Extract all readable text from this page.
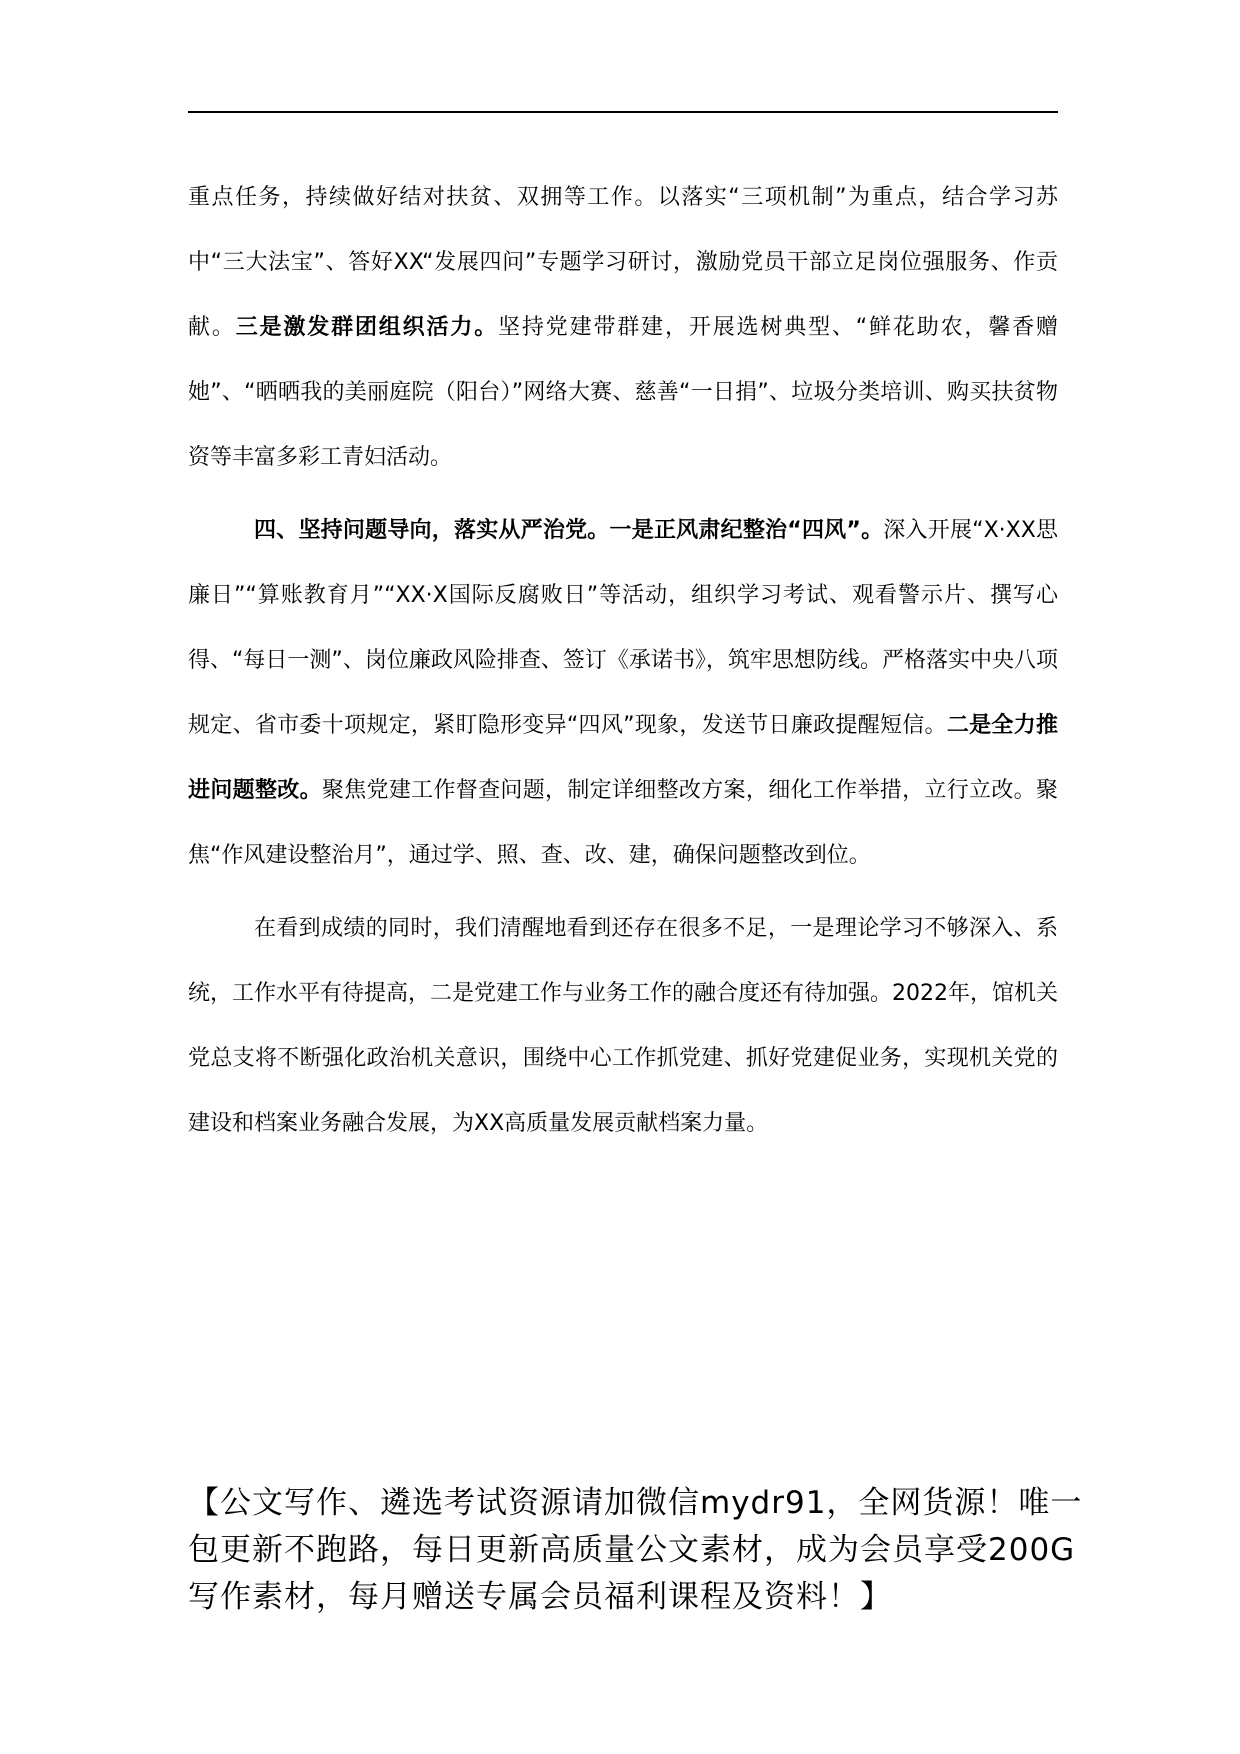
重点任务，持续做好结对扶贫、双拥等工作。以落实“三项机制”为重点，结合学习苏中“三大法宝”、答好XX“发展四问”专题学习研讨，激励党员干部立足岗位强服务、作贡献。三是激发群团组织活力。坚持党建带群建，开展选树典型、“鲜花助农，馨香赠她”、“晒晒我的美丽庭院（阳台）”网络大赛、慈善“一日捐”、垃圾分类培训、购买扶贫物资等丰富多彩工青妇活动。

四、坚持问题导向，落实从严治党。一是正风肃纪整治“四风”。深入开展“X·XX思廉日”“算账教育月”“XX·X国际反腐败日”等活动，组织学习考试、观看警示片、撰写心得、“每日一测”、岗位廉政风险排查、签订《承诺书》，筑牢思想防线。严格落实中央八项规定、省市委十项规定，紧盯隐形变异“四风”现象，发送节日廉政提醒短信。二是全力推进问题整改。聚焦党建工作督查问题，制定详细整改方案，细化工作举措，立行立改。聚焦“作风建设整治月”，通过学、照、查、改、建，确保问题整改到位。

在看到成绩的同时，我们清醒地看到还存在很多不足，一是理论学习不够深入、系统，工作水平有待提高，二是党建工作与业务工作的融合度还有待加强。2022年，馆机关党总支将不断强化政治机关意识，围绕中心工作抓党建、抓好党建促业务，实现机关党的建设和档案业务融合发展，为XX高质量发展贡献档案力量。

【公文写作、遴选考试资源请加微信mydr91，全网货源！唯一包更新不跑路，每日更新高质量公文素材，成为会员享受200G写作素材，每月赠送专属会员福利课程及资料！】
